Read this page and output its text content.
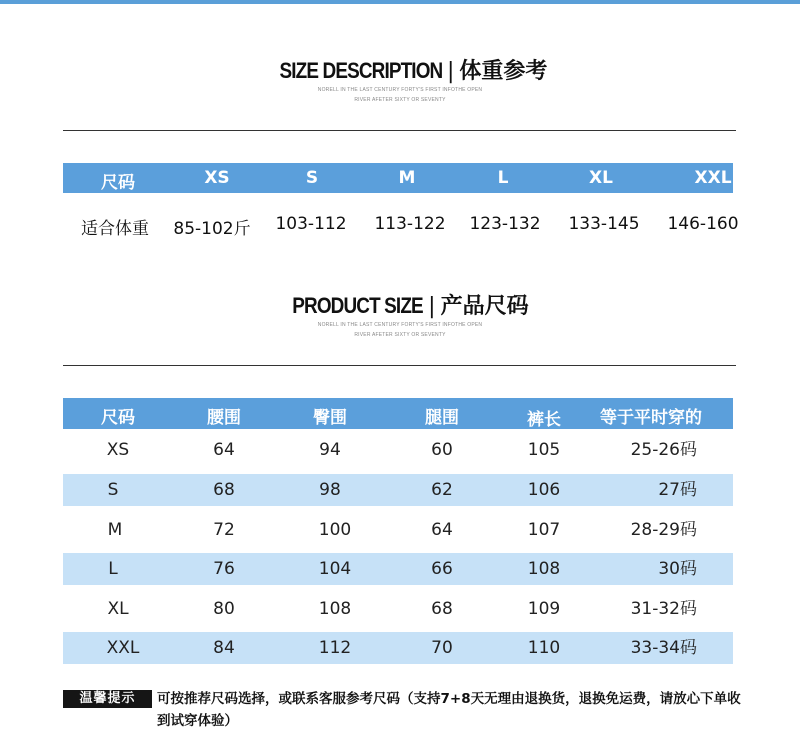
SIZE DESCRIPTION | 体重参考
NORELL IN THE LAST CENTURY FORTY'S FIRST INFOTHE OPEN
RIVER AFETER SIXTY OR SEVENTY
尺码	XS	S	M	L	XL	XXL
适合体重 85-102斤 103-112 113-122 123-132 133-145 146-160
PRODUCT SIZE | 产品尺码
NORELL IN THE LAST CENTURY FORTY'S FIRST INFOTHE OPEN
RIVER AFETER SIXTY OR SEVENTY
尺码	腰围	臀围	腿围	裤长 等于平时穿的
XS	64	94	60	105	25-26码
S	68	98	62	106	27码
M	72	100	64	107	28-29码
L	76	104	66	108	30码
XL	80	108	68	109	31-32码
XXL	84	112	70	110	33-34码
温馨提示	可按推荐尺码选择，或联系客服参考尺码（支持7+8天无理由退换货，退换免运费，请放心下单收到试穿体验）
